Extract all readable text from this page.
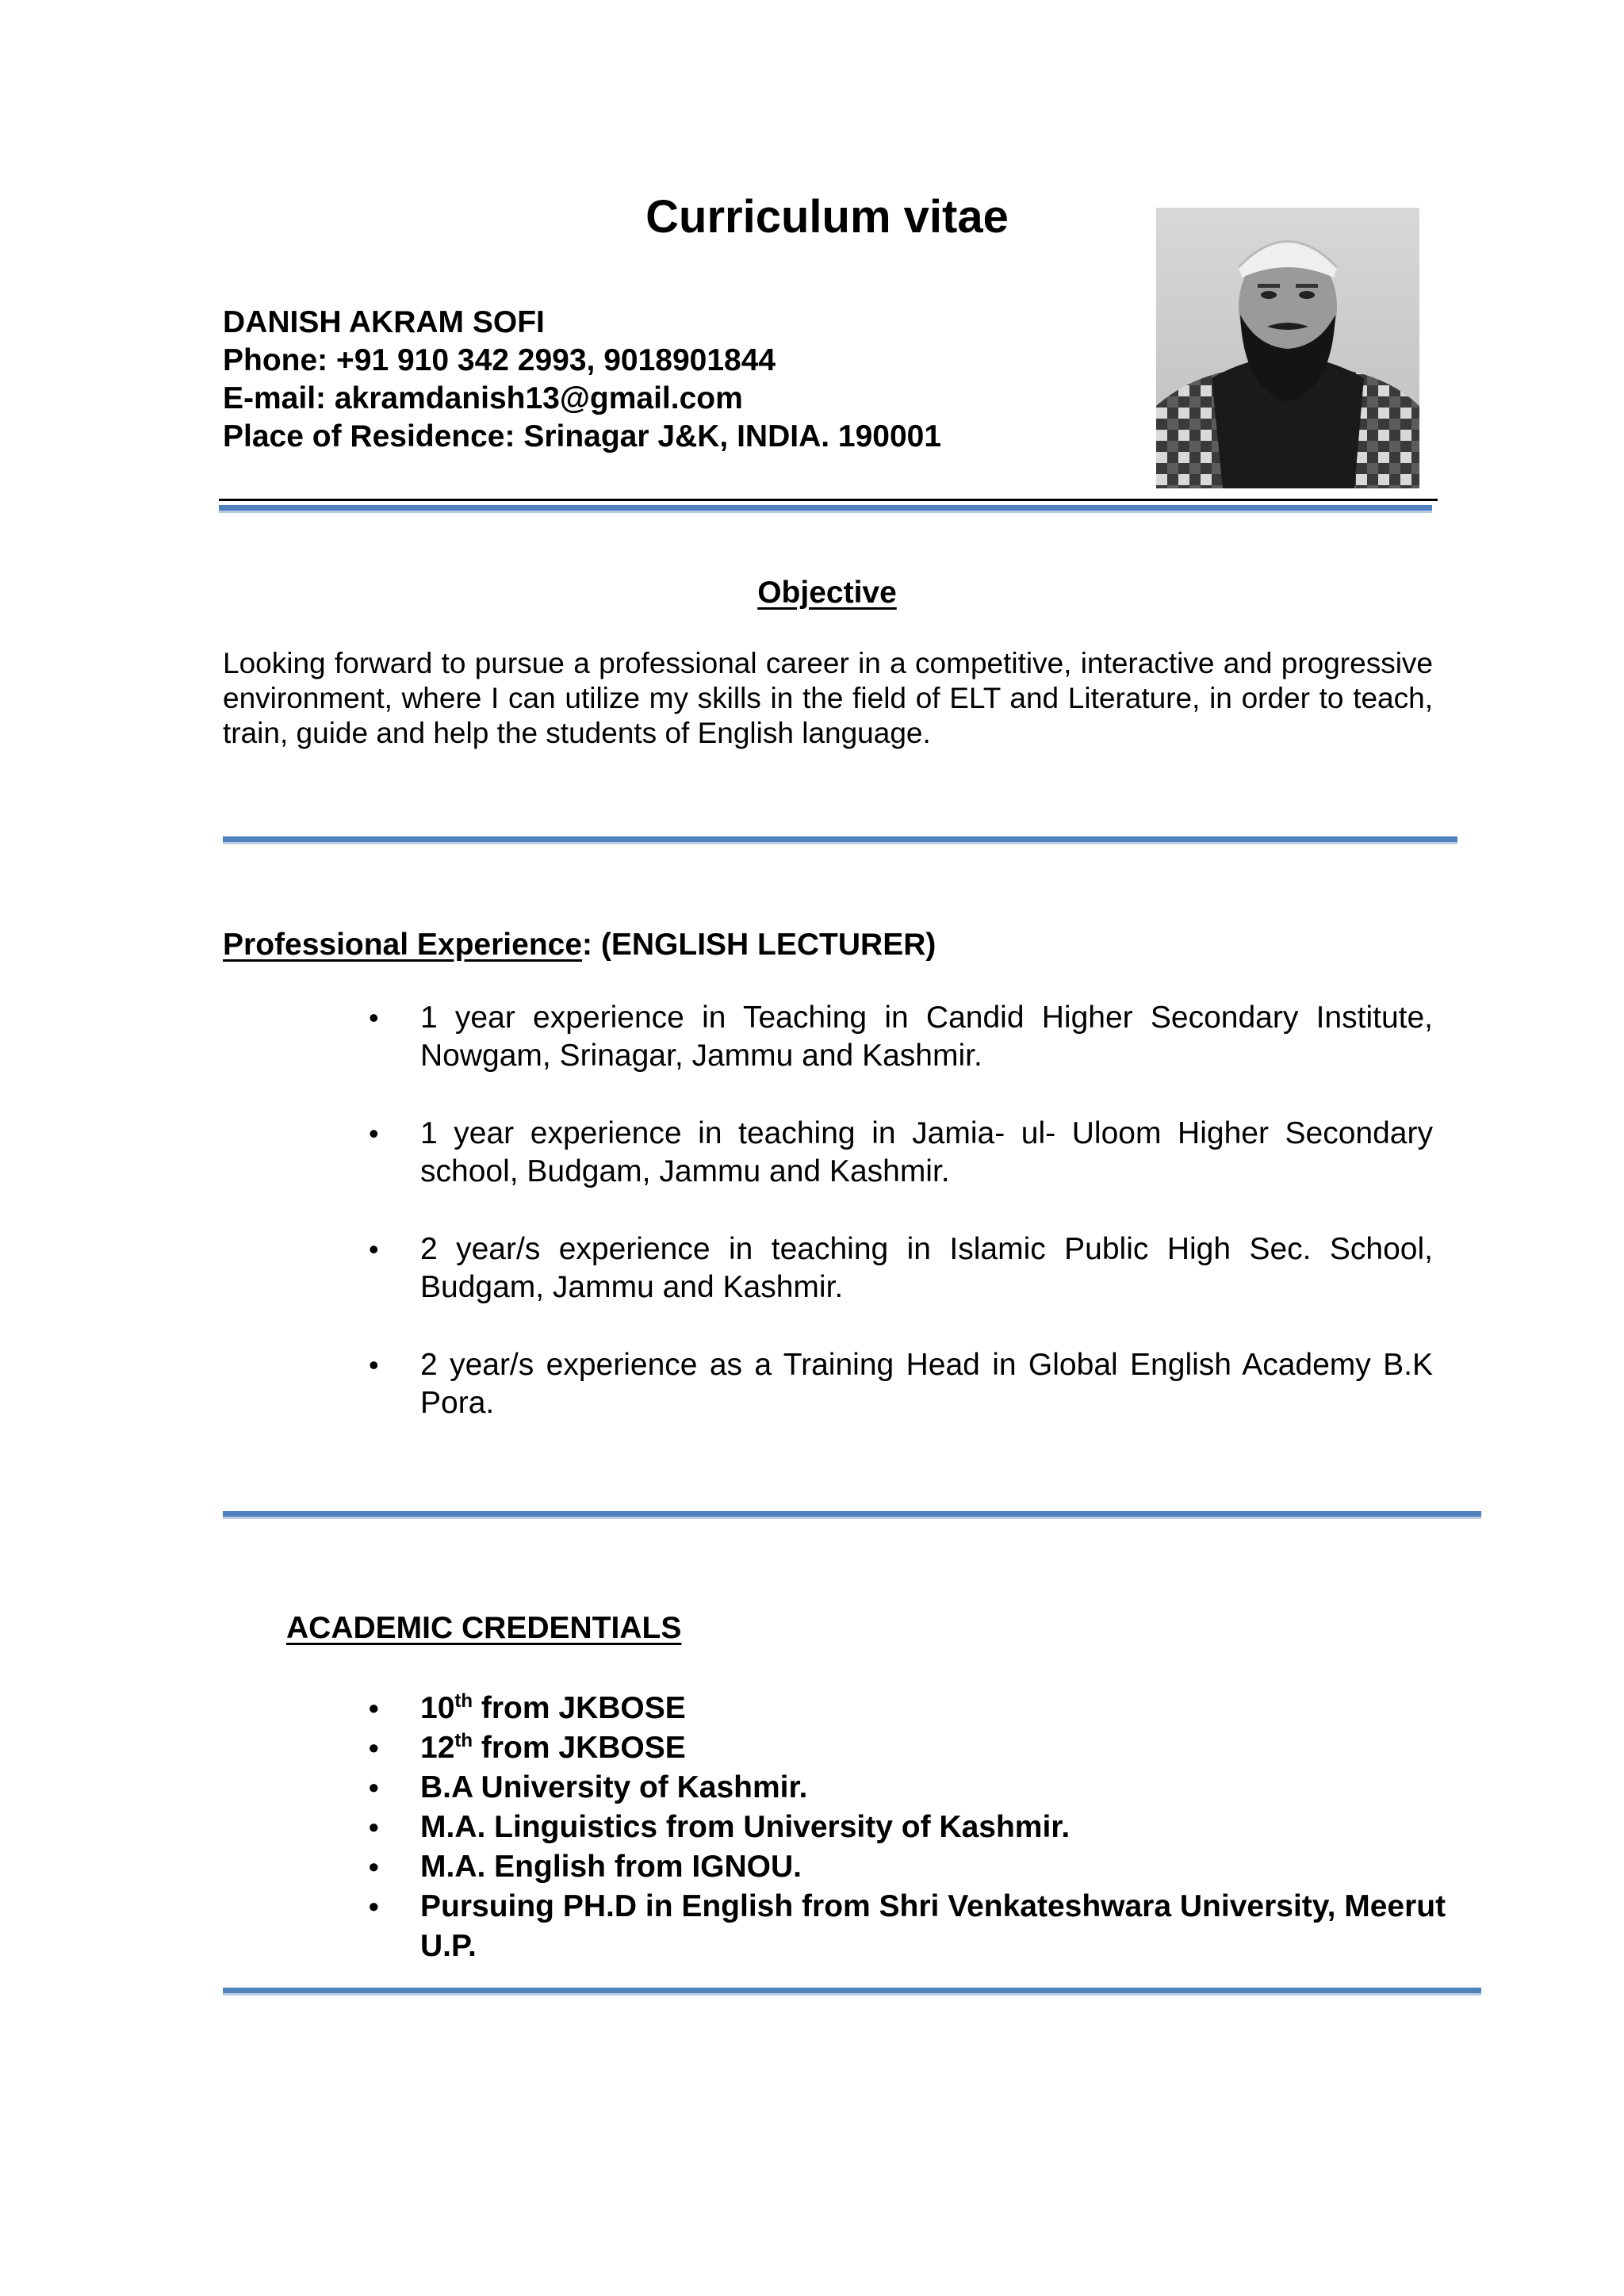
Curriculum vitae
DANISH AKRAM SOFI
Phone: +91 910 342 2993, 9018901844
E-mail: akramdanish13@gmail.com
Place of Residence: Srinagar J&K, INDIA. 190001
Objective
Looking forward to pursue a professional career in a competitive, interactive and progressive environment, where I can utilize my skills in the field of ELT and Literature, in order to teach, train, guide and help the students of English language.
Professional Experience: (ENGLISH LECTURER)
• 1 year experience in Teaching in Candid Higher Secondary Institute, Nowgam, Srinagar, Jammu and Kashmir.
• 1 year experience in teaching in Jamia- ul- Uloom Higher Secondary school, Budgam, Jammu and Kashmir.
• 2 year/s experience in teaching in Islamic Public High Sec. School, Budgam, Jammu and Kashmir.
• 2 year/s experience as a Training Head in Global English Academy B.K Pora.
ACADEMIC CREDENTIALS
• 10th from JKBOSE
• 12th from JKBOSE
• B.A University of Kashmir.
• M.A. Linguistics from University of Kashmir.
• M.A. English from IGNOU.
• Pursuing PH.D in English from Shri Venkateshwara University, Meerut U.P.
